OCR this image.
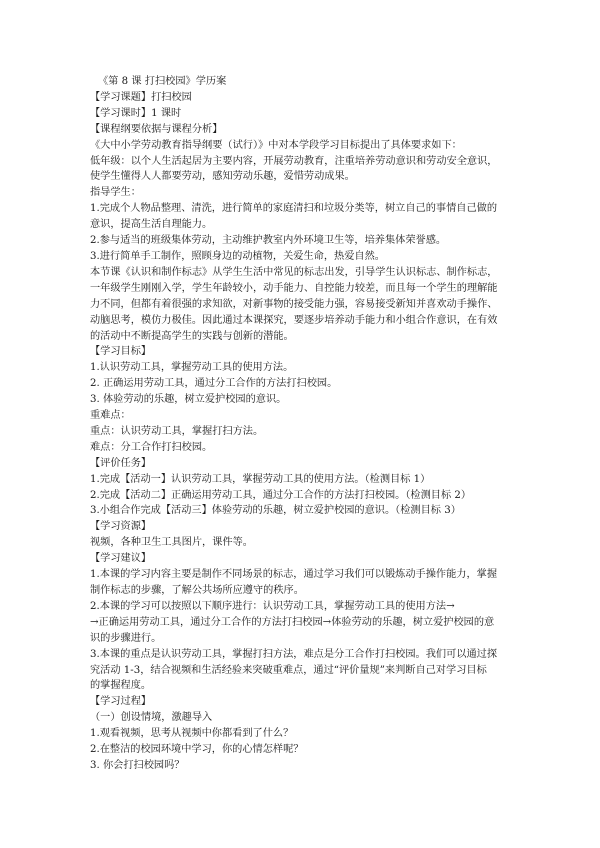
《第 8 课 打扫校园》学历案
【学习课题】打扫校园
【学习课时】1 课时
【课程纲要依据与课程分析】
《大中小学劳动教育指导纲要（试行）》中对本学段学习目标提出了具体要求如下：
低年级：以个人生活起居为主要内容，开展劳动教育，注重培养劳动意识和劳动安全意识，
使学生懂得人人都要劳动，感知劳动乐趣，爱惜劳动成果。
指导学生：
1.完成个人物品整理、清洗，进行简单的家庭清扫和垃圾分类等，树立自己的事情自己做的
意识，提高生活自理能力。
2.参与适当的班级集体劳动，主动维护教室内外环境卫生等，培养集体荣誉感。
3.进行简单手工制作，照顾身边的动植物，关爱生命，热爱自然。
本节课《认识和制作标志》从学生生活中常见的标志出发，引导学生认识标志、制作标志，
一年级学生刚刚入学，学生年龄较小，动手能力、自控能力较差，而且每一个学生的理解能
力不同，但都有着很强的求知欲，对新事物的接受能力强，容易接受新知并喜欢动手操作、
动脑思考，模仿力极佳。因此通过本课探究，要逐步培养动手能力和小组合作意识，在有效
的活动中不断提高学生的实践与创新的潜能。
【学习目标】
1.认识劳动工具，掌握劳动工具的使用方法。
2. 正确运用劳动工具，通过分工合作的方法打扫校园。
3. 体验劳动的乐趣，树立爱护校园的意识。
重难点：
重点：认识劳动工具，掌握打扫方法。
难点：分工合作打扫校园。
【评价任务】
1.完成【活动一】认识劳动工具，掌握劳动工具的使用方法。（检测目标 1）
2.完成【活动二】正确运用劳动工具，通过分工合作的方法打扫校园。（检测目标 2）
3.小组合作完成【活动三】体验劳动的乐趣，树立爱护校园的意识。（检测目标 3）
【学习资源】
视频，各种卫生工具图片，课件等。
【学习建议】
1.本课的学习内容主要是制作不同场景的标志，通过学习我们可以锻炼动手操作能力，掌握
制作标志的步骤，了解公共场所应遵守的秩序。
2.本课的学习可以按照以下顺序进行：认识劳动工具，掌握劳动工具的使用方法→
→正确运用劳动工具，通过分工合作的方法打扫校园→体验劳动的乐趣，树立爱护校园的意
识的步骤进行。
3.本课的重点是认识劳动工具，掌握打扫方法，难点是分工合作打扫校园。我们可以通过探
究活动 1-3，结合视频和生活经验来突破重难点，通过“评价量规”来判断自己对学习目标
的掌握程度。
【学习过程】
（一）创设情境，激趣导入
1.观看视频，思考从视频中你都看到了什么？
2.在整洁的校园环境中学习，你的心情怎样呢？
3. 你会打扫校园吗？
